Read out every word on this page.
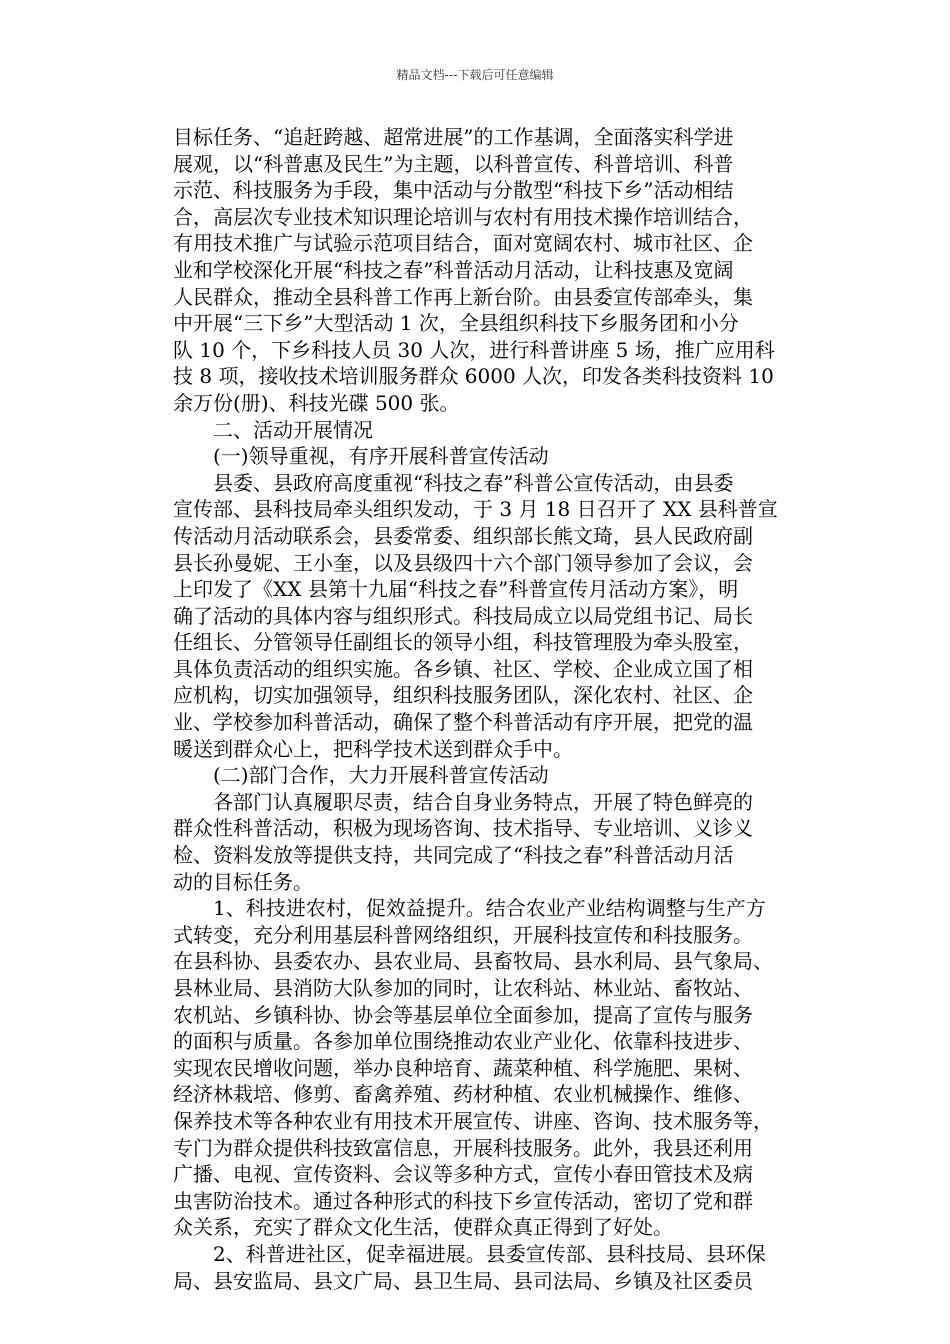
精品文档---下载后可任意编辑
目标任务、“追赶跨越、超常进展”的工作基调，全面落实科学进
展观，以“科普惠及民生”为主题，以科普宣传、科普培训、科普
示范、科技服务为手段，集中活动与分散型“科技下乡”活动相结
合，高层次专业技术知识理论培训与农村有用技术操作培训结合，
有用技术推广与试验示范项目结合，面对宽阔农村、城市社区、企
业和学校深化开展“科技之春”科普活动月活动，让科技惠及宽阔
人民群众，推动全县科普工作再上新台阶。由县委宣传部牵头，集
中开展“三下乡”大型活动 1 次，全县组织科技下乡服务团和小分
队 10 个，下乡科技人员 30 人次，进行科普讲座 5 场，推广应用科
技 8 项，接收技术培训服务群众 6000 人次，印发各类科技资料 10
余万份(册)、科技光碟 500 张。
二、活动开展情况
(一)领导重视，有序开展科普宣传活动
县委、县政府高度重视“科技之春”科普公宣传活动，由县委
宣传部、县科技局牵头组织发动，于 3 月 18 日召开了 XX 县科普宣
传活动月活动联系会，县委常委、组织部长熊文琦，县人民政府副
县长孙曼妮、王小奎，以及县级四十六个部门领导参加了会议，会
上印发了《XX 县第十九届“科技之春”科普宣传月活动方案》，明
确了活动的具体内容与组织形式。科技局成立以局党组书记、局长
任组长、分管领导任副组长的领导小组，科技管理股为牵头股室，
具体负责活动的组织实施。各乡镇、社区、学校、企业成立国了相
应机构，切实加强领导，组织科技服务团队，深化农村、社区、企
业、学校参加科普活动，确保了整个科普活动有序开展，把党的温
暖送到群众心上，把科学技术送到群众手中。
(二)部门合作，大力开展科普宣传活动
各部门认真履职尽责，结合自身业务特点，开展了特色鲜亮的
群众性科普活动，积极为现场咨询、技术指导、专业培训、义诊义
检、资料发放等提供支持，共同完成了“科技之春”科普活动月活
动的目标任务。
1、科技进农村，促效益提升。结合农业产业结构调整与生产方
式转变，充分利用基层科普网络组织，开展科技宣传和科技服务。
在县科协、县委农办、县农业局、县畜牧局、县水利局、县气象局、
县林业局、县消防大队参加的同时，让农科站、林业站、畜牧站、
农机站、乡镇科协、协会等基层单位全面参加，提高了宣传与服务
的面积与质量。各参加单位围绕推动农业产业化、依靠科技进步、
实现农民增收问题，举办良种培育、蔬菜种植、科学施肥、果树、
经济林栽培、修剪、畜禽养殖、药材种植、农业机械操作、维修、
保养技术等各种农业有用技术开展宣传、讲座、咨询、技术服务等，
专门为群众提供科技致富信息，开展科技服务。此外，我县还利用
广播、电视、宣传资料、会议等多种方式，宣传小春田管技术及病
虫害防治技术。通过各种形式的科技下乡宣传活动，密切了党和群
众关系，充实了群众文化生活，使群众真正得到了好处。
2、科普进社区，促幸福进展。县委宣传部、县科技局、县环保
局、县安监局、县文广局、县卫生局、县司法局、乡镇及社区委员
